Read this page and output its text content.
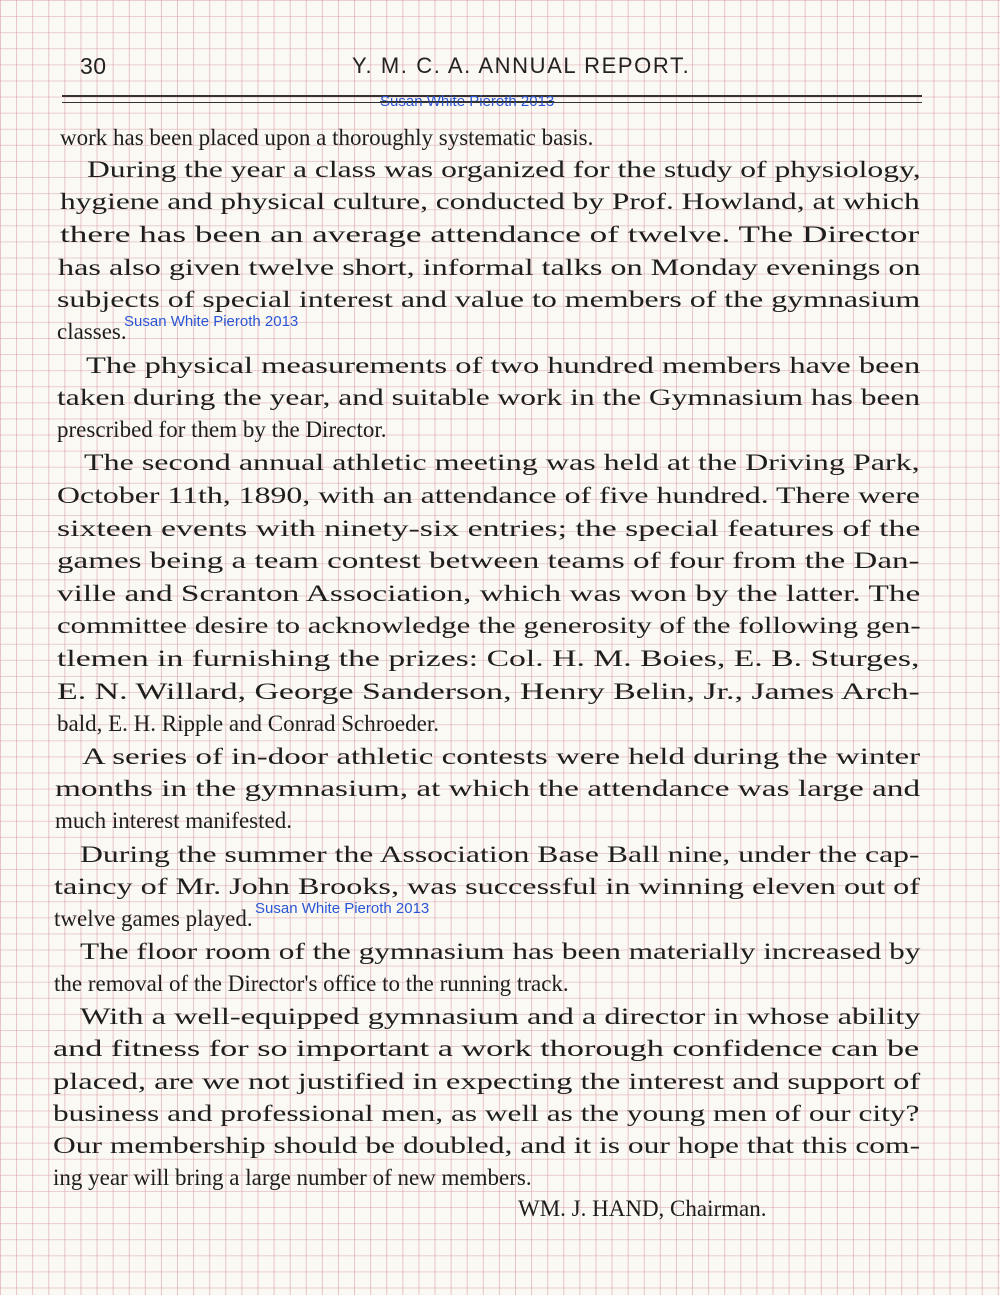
30	Y. M. C. A. ANNUAL REPORT.
work has been placed upon a thoroughly systematic basis.
During the year a class was organized for the study of physiology,
hygiene and physical culture, conducted by Prof. Howland, at which
there has been an average attendance of twelve. The Director
has also given twelve short, informal talks on Monday evenings on
subjects of special interest and value to members of the gymnasium
classes.
The physical measurements of two hundred members have been
taken during the year, and suitable work in the Gymnasium has been
prescribed for them by the Director.
The second annual athletic meeting was held at the Driving Park,
October 11th, 1890, with an attendance of five hundred. There were
sixteen events with ninety-six entries; the special features of the
games being a team contest between teams of four from the Dan-
ville and Scranton Association, which was won by the latter. The
committee desire to acknowledge the generosity of the following gen-
tlemen in furnishing the prizes: Col. H. M. Boies, E. B. Sturges,
E. N. Willard, George Sanderson, Henry Belin, Jr., James Arch-
bald, E. H. Ripple and Conrad Schroeder.
A series of in-door athletic contests were held during the winter
months in the gymnasium, at which the attendance was large and
much interest manifested.
During the summer the Association Base Ball nine, under the cap-
taincy of Mr. John Brooks, was successful in winning eleven out of
twelve games played.
The floor room of the gymnasium has been materially increased by
the removal of the Director's office to the running track.
With a well-equipped gymnasium and a director in whose ability
and fitness for so important a work thorough confidence can be
placed, are we not justified in expecting the interest and support of
business and professional men, as well as the young men of our city?
Our membership should be doubled, and it is our hope that this com-
ing year will bring a large number of new members.
WM. J. HAND, Chairman.
Susan White Pieroth 2013
Susan White Pieroth 2013
Susan White Pieroth 2013
